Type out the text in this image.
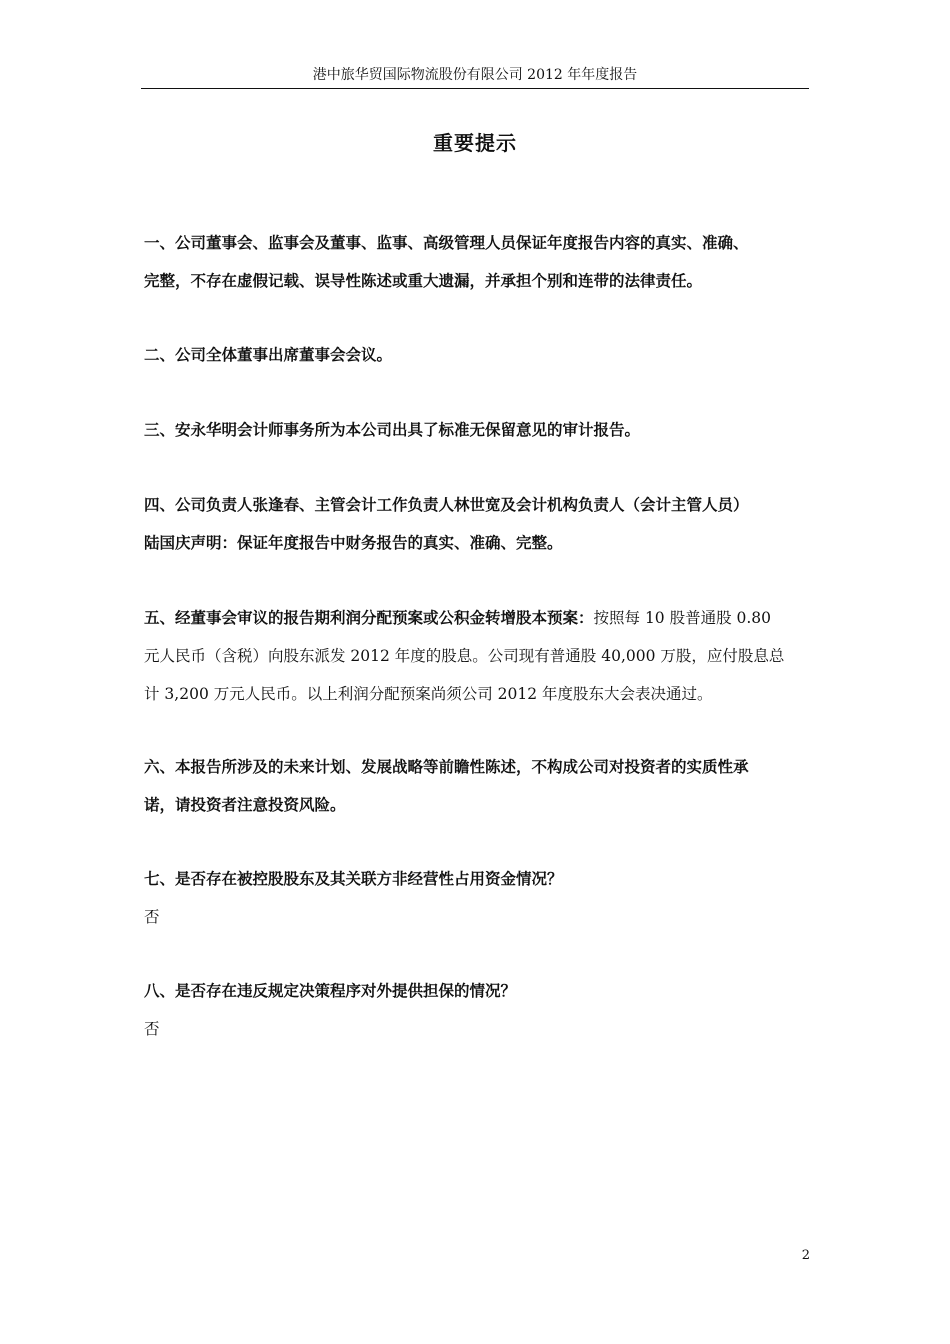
港中旅华贸国际物流股份有限公司 2012 年年度报告
重要提示
一、公司董事会、监事会及董事、监事、高级管理人员保证年度报告内容的真实、准确、
完整，不存在虚假记载、误导性陈述或重大遗漏，并承担个别和连带的法律责任。
二、公司全体董事出席董事会会议。
三、安永华明会计师事务所为本公司出具了标准无保留意见的审计报告。
四、公司负责人张逢春、主管会计工作负责人林世宽及会计机构负责人（会计主管人员）
陆国庆声明：保证年度报告中财务报告的真实、准确、完整。
五、经董事会审议的报告期利润分配预案或公积金转增股本预案：按照每 10 股普通股 0.80
元人民币（含税）向股东派发 2012 年度的股息。公司现有普通股 40,000 万股，应付股息总
计 3,200 万元人民币。以上利润分配预案尚须公司 2012 年度股东大会表决通过。
六、本报告所涉及的未来计划、发展战略等前瞻性陈述，不构成公司对投资者的实质性承
诺，请投资者注意投资风险。
七、是否存在被控股股东及其关联方非经营性占用资金情况？
否
八、是否存在违反规定决策程序对外提供担保的情况？
否
2
